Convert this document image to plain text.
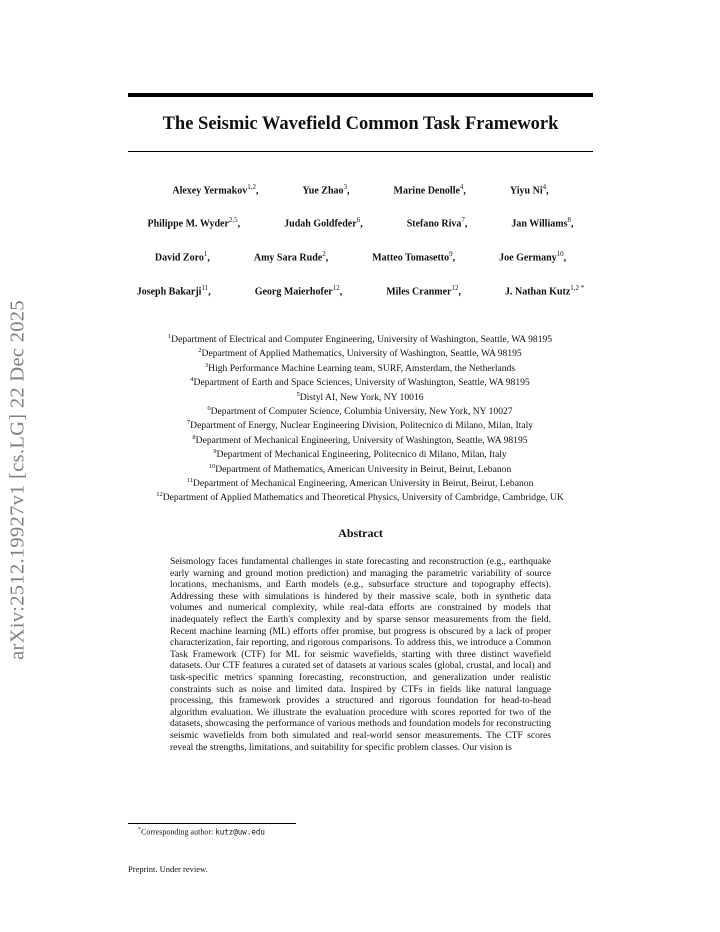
arXiv:2512.19927v1 [cs.LG] 22 Dec 2025
The Seismic Wavefield Common Task Framework
Alexey Yermakov$^{1,2}$,	Yue Zhao$^3$,	Marine Denolle$^4$,	Yiyu Ni$^4$,
Philippe M. Wyder$^{2,5}$,	Judah Goldfeder$^6$,	Stefano Riva$^7$,	Jan Williams$^8$,
David Zoro$^1$,	Amy Sara Rude$^2$,	Matteo Tomasetto$^9$,	Joe Germany$^{10}$,
Joseph Bakarji$^{11}$,	Georg Maierhofer$^{12}$,	Miles Cranmer$^{12}$,	J. Nathan Kutz$^{1,2 *}$
$^1$Department of Electrical and Computer Engineering, University of Washington, Seattle, WA 98195
$^2$Department of Applied Mathematics, University of Washington, Seattle, WA 98195
$^3$High Performance Machine Learning team, SURF, Amsterdam, the Netherlands
$^4$Department of Earth and Space Sciences, University of Washington, Seattle, WA 98195
$^5$Distyl AI, New York, NY 10016
$^6$Department of Computer Science, Columbia University, New York, NY 10027
$^7$Department of Energy, Nuclear Engineering Division, Politecnico di Milano, Milan, Italy
$^8$Department of Mechanical Engineering, University of Washington, Seattle, WA 98195
$^9$Department of Mechanical Engineering, Politecnico di Milano, Milan, Italy
$^{10}$Department of Mathematics, American University in Beirut, Beirut, Lebanon
$^{11}$Department of Mechanical Engineering, American University in Beirut, Beirut, Lebanon
$^{12}$Department of Applied Mathematics and Theoretical Physics, University of Cambridge, Cambridge, UK
Abstract

Seismology faces fundamental challenges in state forecasting and reconstruction (e.g., earthquake early warning and ground motion prediction) and managing the parametric variability of source locations, mechanisms, and Earth models (e.g., subsurface structure and topography effects). Addressing these with simulations is hindered by their massive scale, both in synthetic data volumes and numerical complexity, while real-data efforts are constrained by models that inadequately reflect the Earth's complexity and by sparse sensor measurements from the field. Recent machine learning (ML) efforts offer promise, but progress is obscured by a lack of proper characterization, fair reporting, and rigorous comparisons. To address this, we introduce a Common Task Framework (CTF) for ML for seismic wavefields, starting with three distinct wavefield datasets. Our CTF features a curated set of datasets at various scales (global, crustal, and local) and task-specific metrics spanning forecasting, reconstruction, and generalization under realistic constraints such as noise and limited data. Inspired by CTFs in fields like natural language processing, this framework provides a structured and rigorous foundation for head-to-head algorithm evaluation. We illustrate the evaluation procedure with scores reported for two of the datasets, showcasing the performance of various methods and foundation models for reconstructing seismic wavefields from both simulated and real-world sensor measurements. The CTF scores reveal the strengths, limitations, and suitability for specific problem classes. Our vision is

*Corresponding author: kutz@uw.edu
Preprint. Under review.
